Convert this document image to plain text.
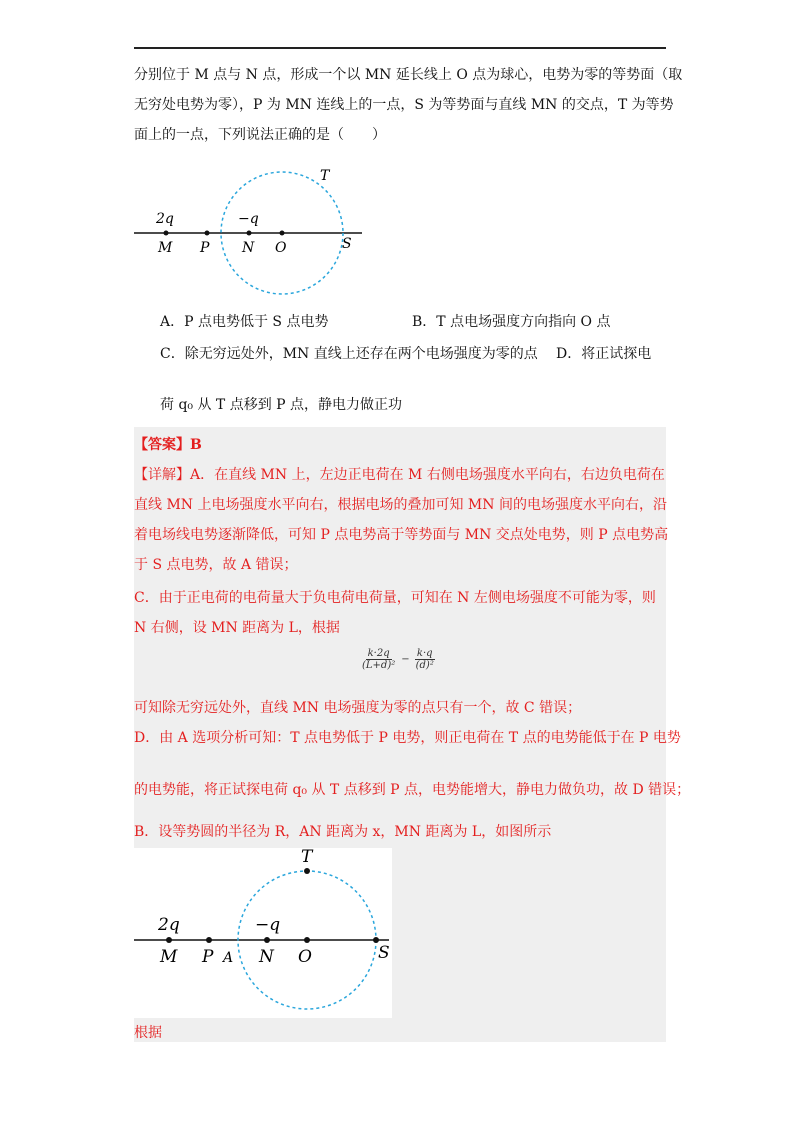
分别位于 M 点与 N 点，形成一个以 MN 延长线上 O 点为球心，电势为零的等势面（取
无穷处电势为零），P 为 MN 连线上的一点，S 为等势面与直线 MN 的交点，T 为等势
面上的一点，下列说法正确的是（　　）
2q	−q
M P N O	S
T
A．P 点电势低于 S 点电势	B．T 点电场强度方向指向 O 点
C．除无穷远处外，MN 直线上还存在两个电场强度为零的点 D．将正试探电
荷 q₀ 从 T 点移到 P 点，静电力做正功
【答案】B
【详解】A．在直线 MN 上，左边正电荷在 M 右侧电场强度水平向右，右边负电荷在
直线 MN 上电场强度水平向右，根据电场的叠加可知 MN 间的电场强度水平向右，沿
着电场线电势逐渐降低，可知 P 点电势高于等势面与 MN 交点处电势，则 P 点电势高
于 S 点电势，故 A 错误；
C．由于正电荷的电荷量大于负电荷电荷量，可知在 N 左侧电场强度不可能为零，则
N 右侧，设 MN 距离为 L，根据
$\frac{k\cdot 2q}{\text{(L+d)²}} - \frac{k\cdot q}{\text{(d)²}}$
可知除无穷远处外，直线 MN 电场强度为零的点只有一个，故 C 错误；
D．由 A 选项分析可知：T 点电势低于 P 电势，则正电荷在 T 点的电势能低于在 P 电势
的电势能，将正试探电荷 q₀ 从 T 点移到 P 点，电势能增大，静电力做负功，故 D 错误；
B．设等势圆的半径为 R，AN 距离为 x，MN 距离为 L，如图所示
2q	−q
M P A N O	S
T
根据
